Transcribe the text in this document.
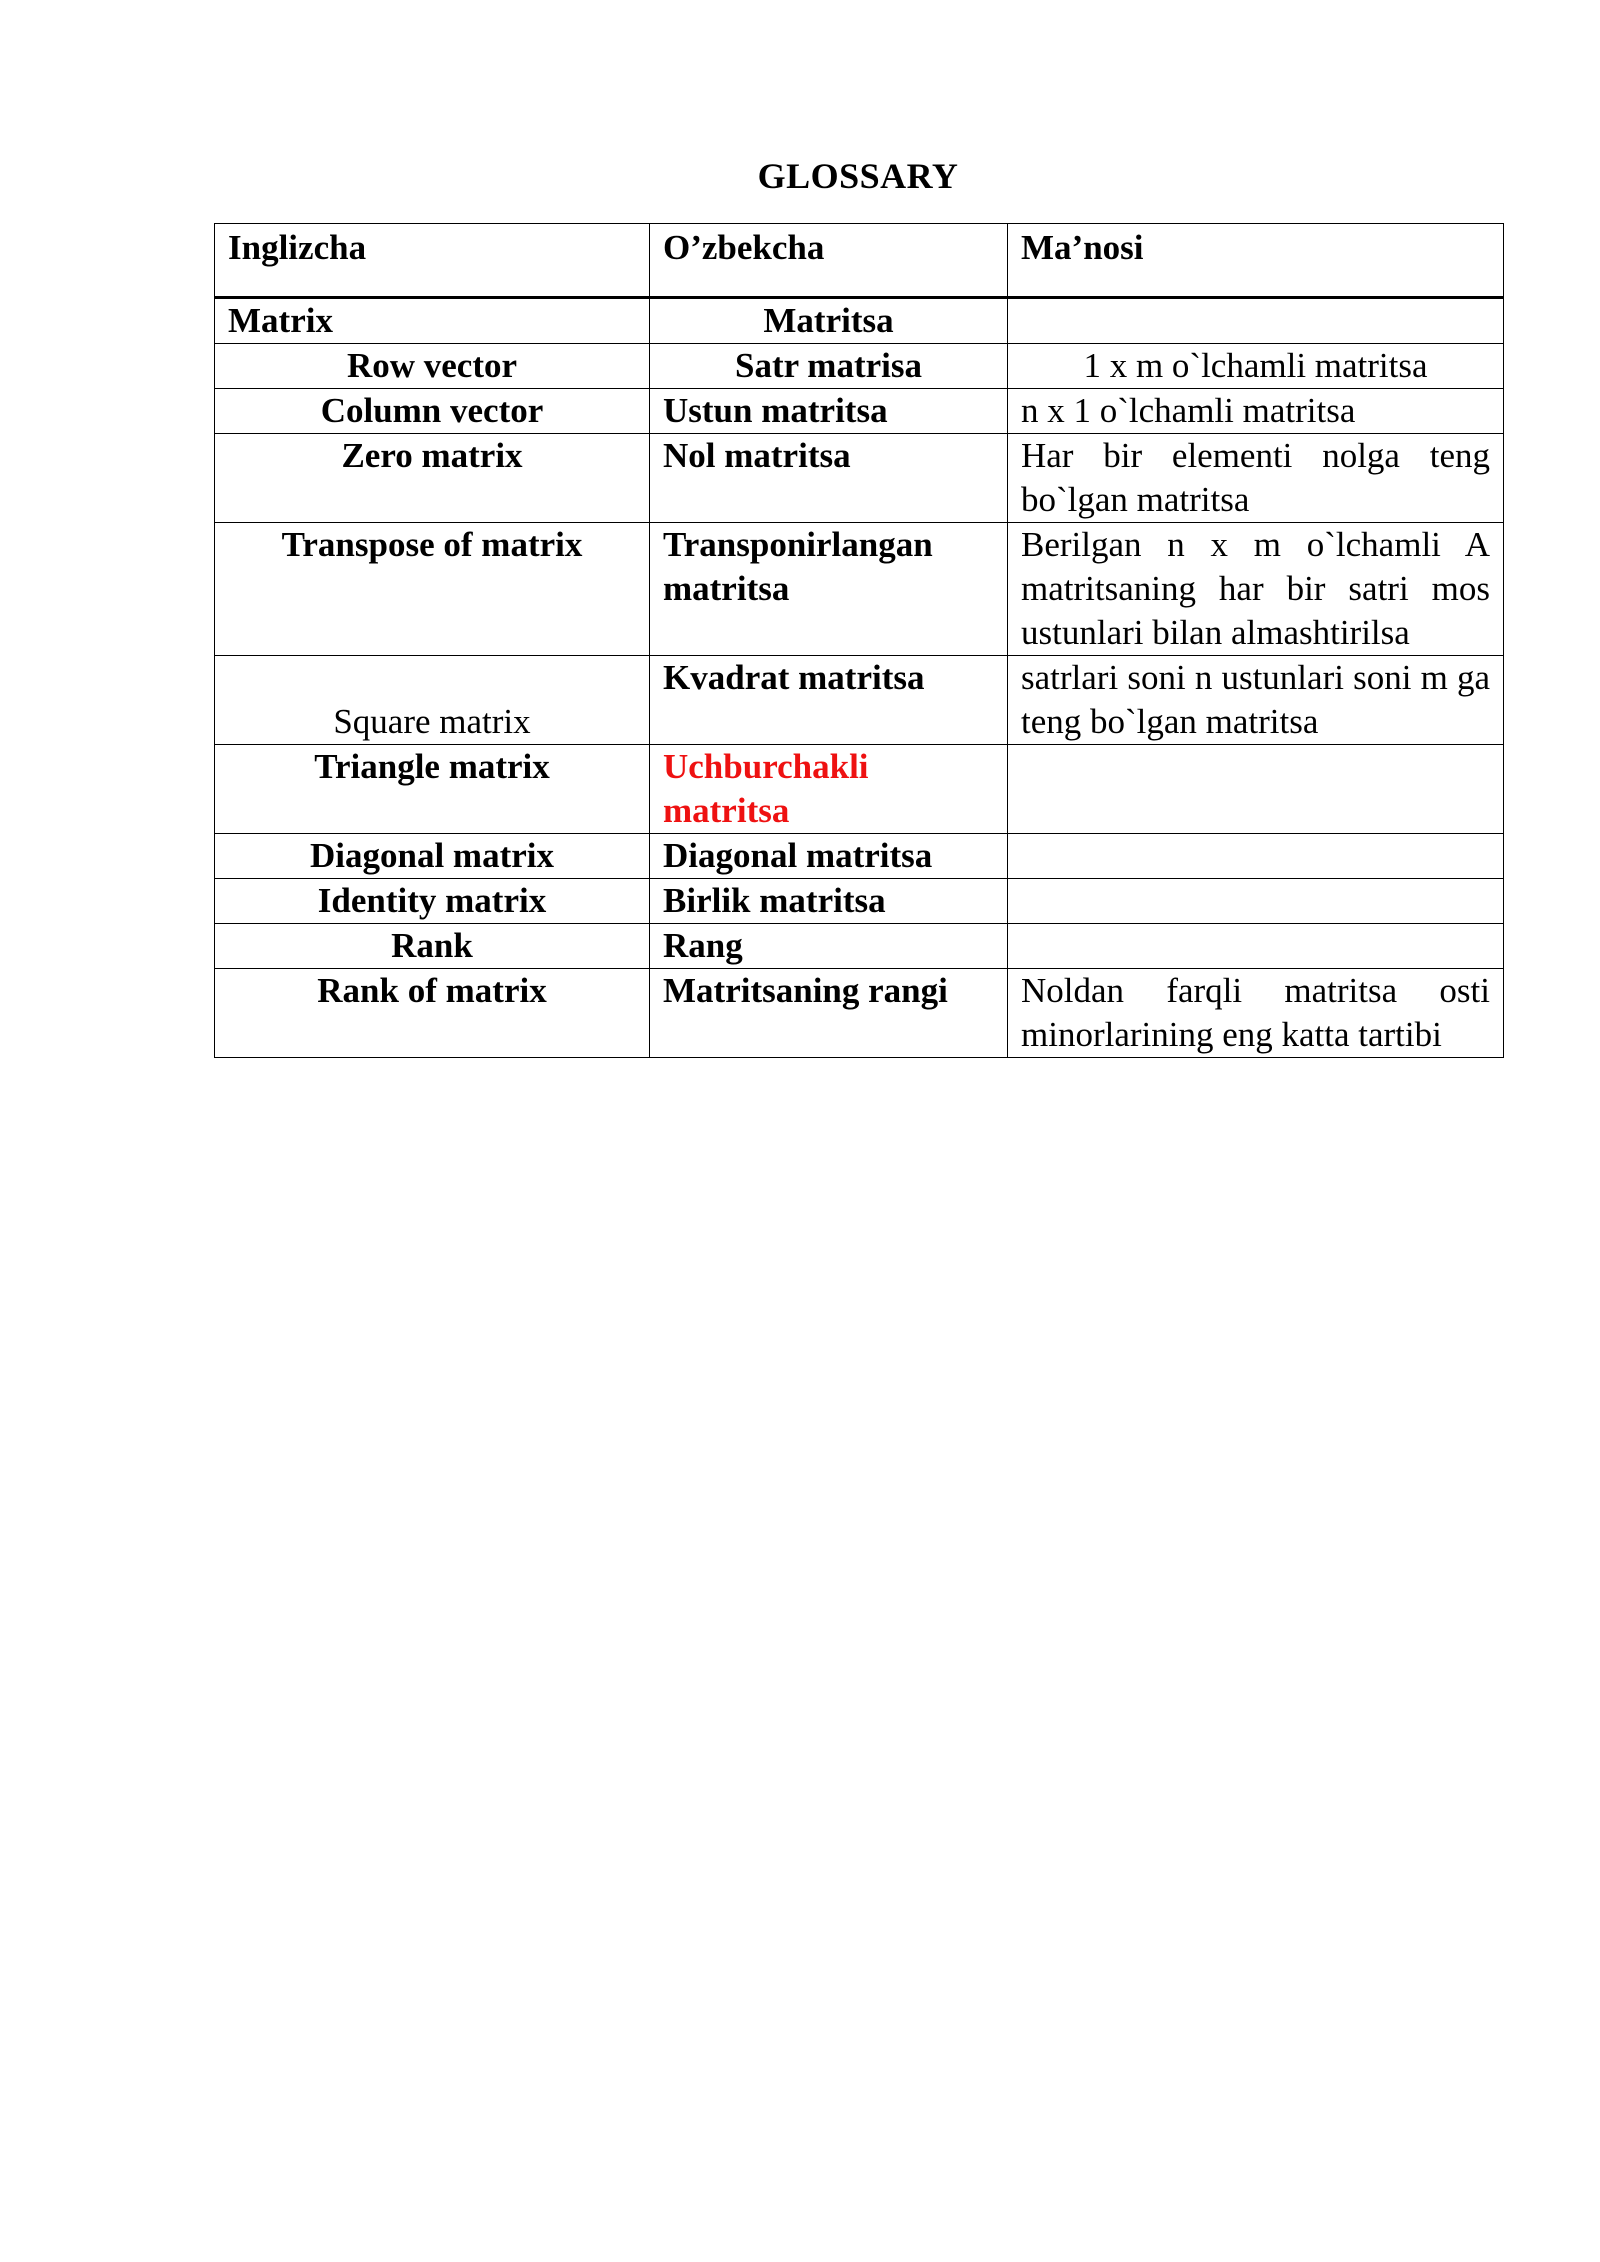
GLOSSARY
Inglizcha	O’zbekcha	Ma’nosi
Matrix	Matritsa	
Row vector	Satr matrisa	1 x m o`lchamli matritsa
Column vector	Ustun matritsa	n x 1 o`lchamli matritsa
Zero matrix	Nol matritsa	Har bir elementi nolga teng bo`lgan matritsa
Transpose of matrix	Transponirlangan matritsa	Berilgan n x m o`lchamli A matritsaning har bir satri mos ustunlari bilan almashtirilsa
Square matrix	Kvadrat matritsa	satrlari soni n ustunlari soni m ga teng bo`lgan matritsa
Triangle matrix	Uchburchakli matritsa	
Diagonal matrix	Diagonal matritsa	
Identity matrix	Birlik matritsa	
Rank	Rang	
Rank of matrix	Matritsaning rangi	Noldan farqli matritsa osti minorlarining eng katta tartibi
